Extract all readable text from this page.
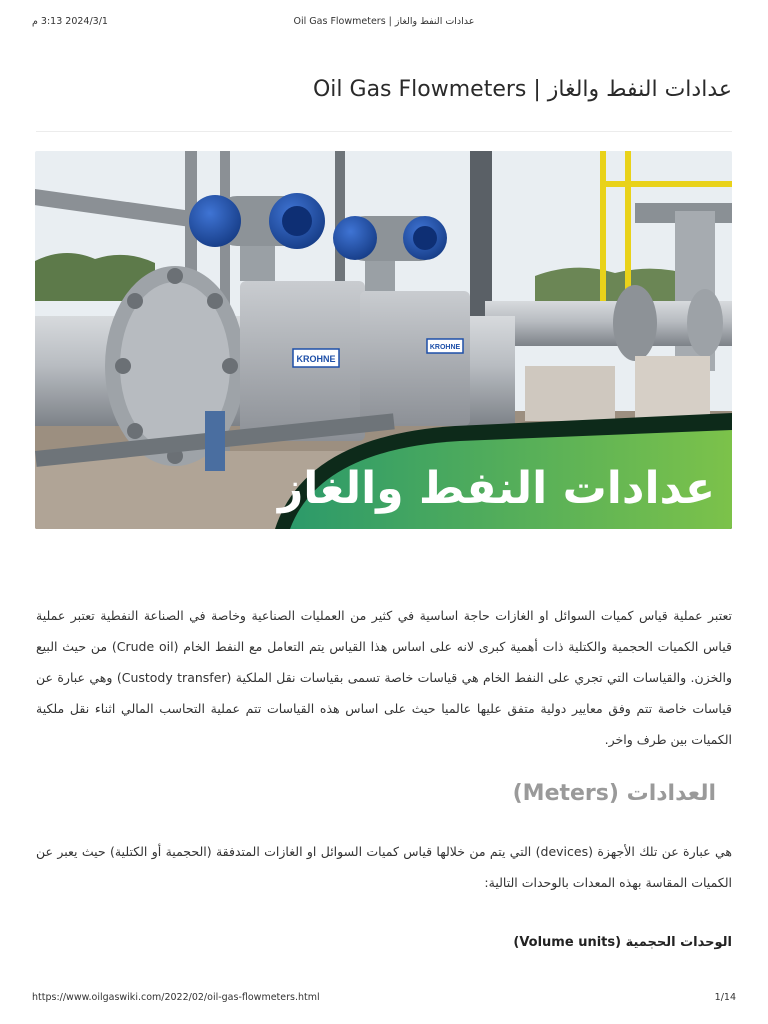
2024/3/1 3:13 م	عدادات النفط والغاز | Oil Gas Flowmeters
عدادات النفط والغاز | Oil Gas Flowmeters
KROHNE
KROHNE
عدادات النفط والغاز

تعتبر عملية قياس كميات السوائل او الغازات حاجة اساسية في كثير من العمليات الصناعية وخاصة في الصناعة النفطية تعتبر عملية قياس الكميات الحجمية والكتلية ذات أهمية كبرى لانه على اساس هذا القياس يتم التعامل مع النفط الخام (Crude oil) من حيث البيع والخزن. والقياسات التي تجري على النفط الخام هي قياسات خاصة تسمى بقياسات نقل الملكية (Custody transfer) وهي عبارة عن قياسات خاصة تتم وفق معايير دولية متفق عليها عالميا حيث على اساس هذه القياسات تتم عملية التحاسب المالي اثناء نقل ملكية الكميات بين طرف واخر.

العدادات (Meters)

هي عبارة عن تلك الأجهزة (devices) التي يتم من خلالها قياس كميات السوائل او الغازات المتدفقة (الحجمية أو الكتلية) حيث يعبر عن الكميات المقاسة بهذه المعدات بالوحدات التالية:

الوحدات الحجمية (Volume units)
https://www.oilgaswiki.com/2022/02/oil-gas-flowmeters.html	1/14
